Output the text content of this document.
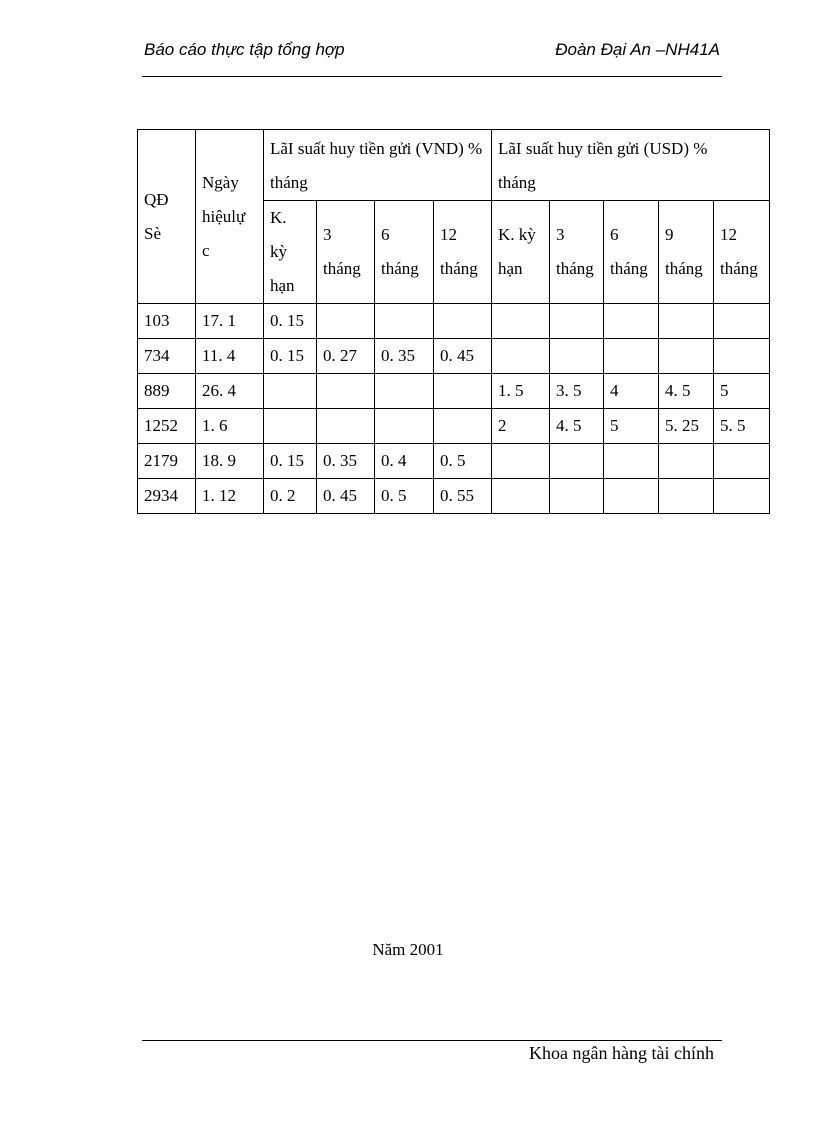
Báo cáo thực tập tổng hợp	Đoàn Đại An –NH41A
QĐ Sè	Ngày hiệulự c	LãI suất huy tiền gửi (VND) % tháng				LãI suất huy tiền gửi (USD) % tháng				

		K. kỳ hạn	3 tháng	6 tháng	12 tháng	K. kỳ hạn	3 tháng	6 tháng	9 tháng	12 tháng

103	17. 1	0. 15								
734	11. 4	0. 15	0. 27	0. 35	0. 45					
889	26. 4					1. 5	3. 5	4	4. 5	5
1252	1. 6					2	4. 5	5	5. 25	5. 5
2179	18. 9	0. 15	0. 35	0. 4	0. 5					
2934	1. 12	0. 2	0. 45	0. 5	0. 55					
Năm 2001
Khoa ngân hàng tài chính
